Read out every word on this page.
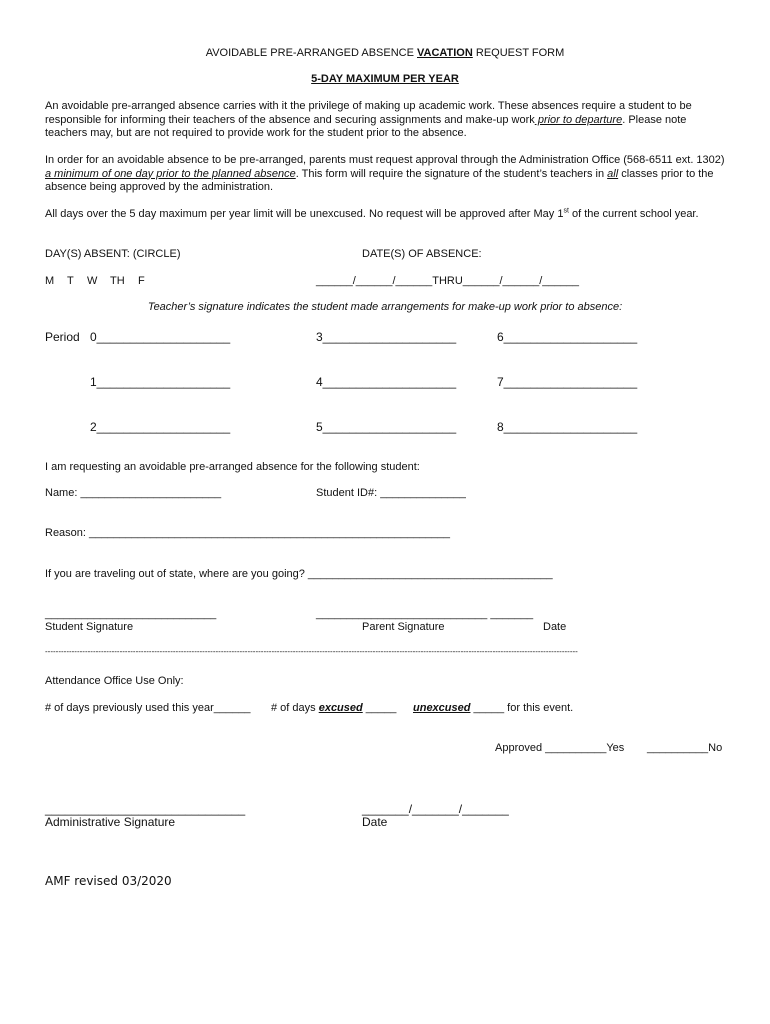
AVOIDABLE PRE-ARRANGED ABSENCE VACATION REQUEST FORM
5-DAY MAXIMUM PER YEAR
An avoidable pre-arranged absence carries with it the privilege of making up academic work. These absences require a student to be responsible for informing their teachers of the absence and securing assignments and make-up work prior to departure. Please note teachers may, but are not required to provide work for the student prior to the absence.
In order for an avoidable absence to be pre-arranged, parents must request approval through the Administration Office (568-6511 ext. 1302) a minimum of one day prior to the planned absence. This form will require the signature of the student’s teachers in all classes prior to the absence being approved by the administration.
All days over the 5 day maximum per year limit will be unexcused. No request will be approved after May 1st of the current school year.
DAY(S) ABSENT: (CIRCLE)	DATE(S) OF ABSENCE:
M T W TH F	______/______/______THRU______/______/______
Teacher’s signature indicates the student made arrangements for make-up work prior to absence:
Period 0____________________	3____________________	6____________________
1____________________	4____________________	7____________________
2____________________	5____________________	8____________________
I am requesting an avoidable pre-arranged absence for the following student:
Name: _______________________	Student ID#: ______________
Reason: ___________________________________________________________
If you are traveling out of state, where are you going? ________________________________________
____________________________	____________________________ _______
Student Signature	Parent Signature	Date
--------------------------------------------------------------------------------------------------------------------------------------------------------------------------------------------------------
Attendance Office Use Only:
# of days previously used this year______ # of days excused _____ unexcused _____ for this event.
Approved __________Yes __________No
______________________________	_______/_______/_______
Administrative Signature	Date
AMF revised 03/2020
